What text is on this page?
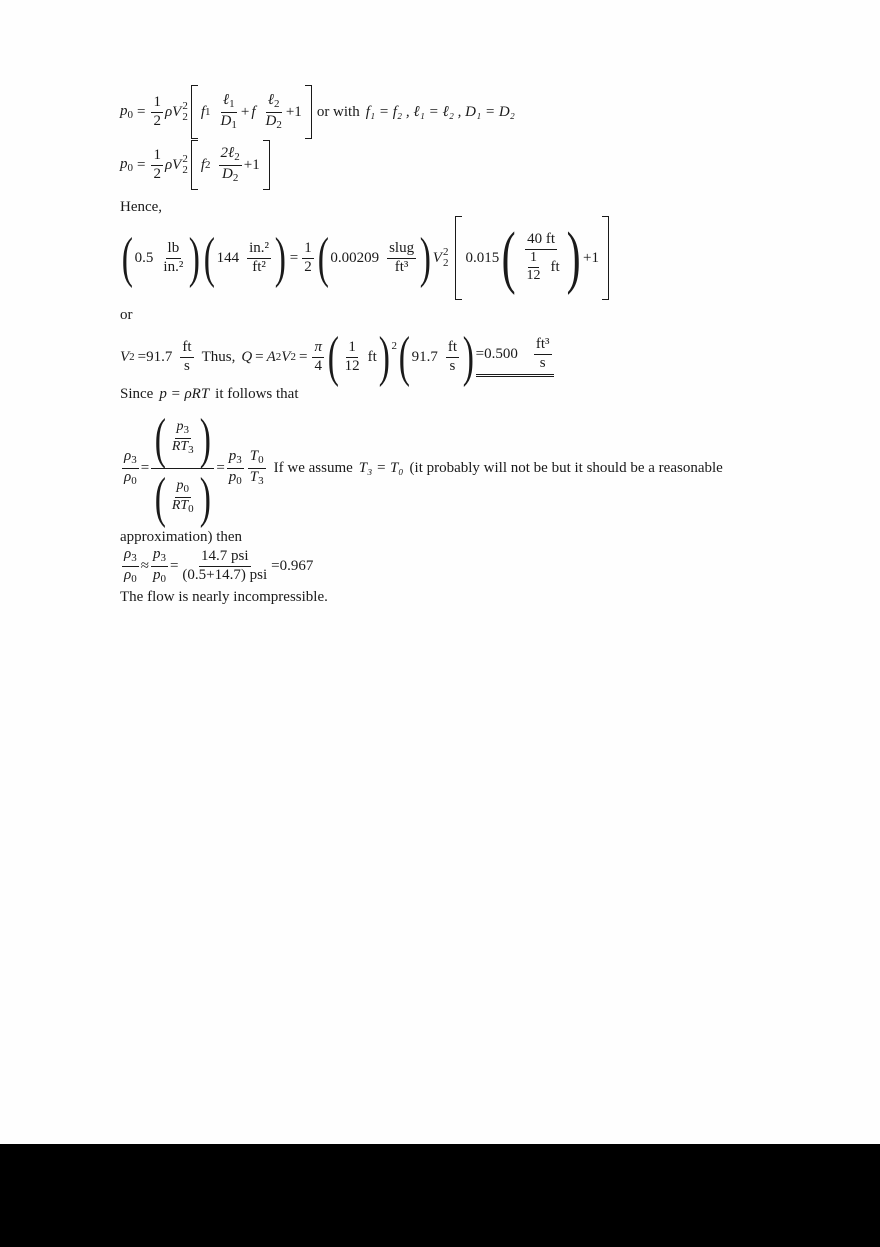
$p_0 = \frac{1}{2}$ ρ V 2
2 f $1 \frac{\ell_1}{D_1} + f \frac{\ell_2}{D_2} +1$ or with f₁ = f₂ , ℓ₁ = ℓ₂ , D₁ = D₂
$p_0 = \frac{1}{2}$ ρ V 2
2 f $2 \frac{2\ell_2}{D_2} +1$
Hence,
( $0.5 \frac{lb}{\text{in.²}}$ ) ( $144 \frac{\text{in.²}}{\text{ft²}}$ ) = $\frac{1}{2}$ ( $0.00209 \frac{\text{slug}}{\text{ft³}}$ ) V 2
2 0.015 ( $\frac{40 ft}{\frac{1}{12} ft}$ ) +1
or
V $2 =91.7 \frac{ft}{s}$ Thus, Q = A 2 V $2 = \frac{\pi}{4}$ ( $\frac{1}{12}$ ft )$^2$ ( $91.7 \frac{ft}{s}$ ) $=0.500 \frac{\text{ft³}}{s}$
Since p = ρRT it follows that
$\frac{\rho_3}{\rho_0} = \frac{( \frac{p_3}{RT_3} )}{( \frac{p_0}{RT_0} )} = \frac{p_3}{p_0} \frac{T_0}{T_3}$ If we assume T₃ = T₀ (it probably will not be but it should be a reasonable
approximation) then
$\frac{\rho_3}{\rho_0} \approx \frac{p_3}{p_0} = \frac{\text{14.7 psi}}{\text{(0.5+14.7) psi}} =0.967$
The flow is nearly incompressible.
